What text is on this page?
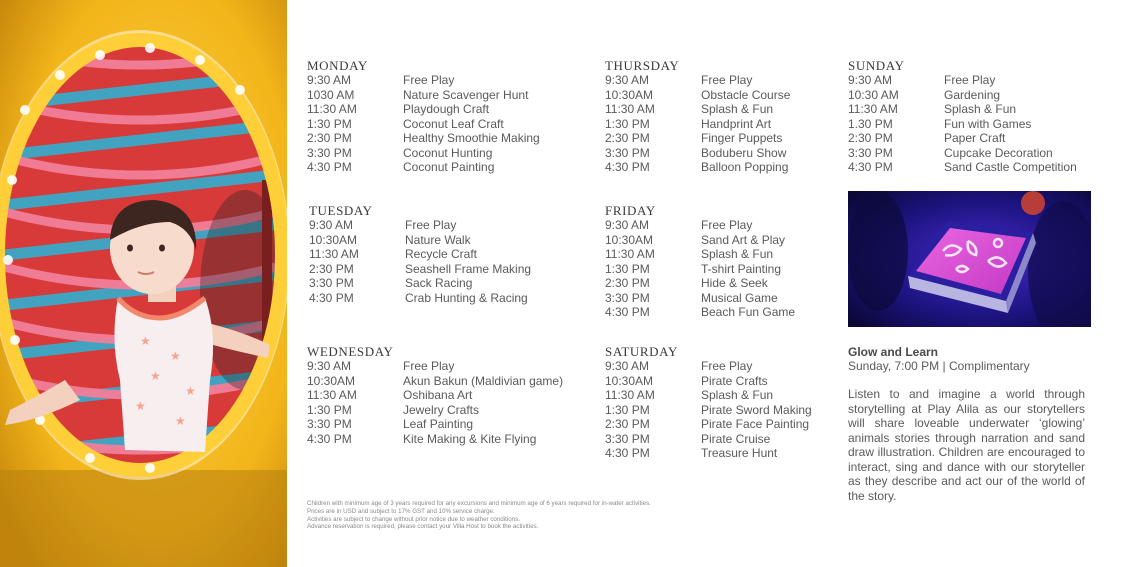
★
★
★
★
★
★
MONDAY
9:30 AM	Free Play
1030 AM	Nature Scavenger Hunt
11:30 AM	Playdough Craft
1:30 PM	Coconut Leaf Craft
2:30 PM	Healthy Smoothie Making
3:30 PM	Coconut Hunting
4:30 PM	Coconut Painting
TUESDAY
9:30 AM	Free Play
10:30AM	Nature Walk
11:30 AM	Recycle Craft
2:30 PM	Seashell Frame Making
3:30 PM	Sack Racing
4:30 PM	Crab Hunting & Racing
WEDNESDAY
9:30 AM	Free Play
10:30AM	Akun Bakun (Maldivian game)
11:30 AM	Oshibana Art
1:30 PM	Jewelry Crafts
3:30 PM	Leaf Painting
4:30 PM	Kite Making & Kite Flying
THURSDAY
9:30 AM	Free Play
10:30AM	Obstacle Course
11:30 AM	Splash & Fun
1:30 PM	Handprint Art
2:30 PM	Finger Puppets
3:30 PM	Boduberu Show
4:30 PM	Balloon Popping
FRIDAY
9:30 AM	Free Play
10:30AM	Sand Art & Play
11:30 AM	Splash & Fun
1:30 PM	T-shirt Painting
2:30 PM	Hide & Seek
3:30 PM	Musical Game
4:30 PM	Beach Fun Game
SATURDAY
9:30 AM	Free Play
10:30AM	Pirate Crafts
11:30 AM	Splash & Fun
1:30 PM	Pirate Sword Making
2:30 PM	Pirate Face Painting
3:30 PM	Pirate Cruise
4:30 PM	Treasure Hunt
SUNDAY
9:30 AM	Free Play
10:30 AM	Gardening
11:30 AM	Splash & Fun
1.30 PM	Fun with Games
2:30 PM	Paper Craft
3:30 PM	Cupcake Decoration
4:30 PM	Sand Castle Competition
Glow and Learn
Sunday, 7:00 PM | Complimentary
Listen to and imagine a world through storytelling at Play Alila as our storytellers will share loveable underwater ‘glowing’ animals stories through narration and sand draw illustration. Children are encouraged to interact, sing and dance with our storyteller as they describe and act our of the world of the story.
Children with minimum age of 3 years required for any excursions and minimum age of 6 years required for in-water activities.
Prices are in USD and subject to 17% GST and 10% service charge.
Activities are subject to change without prior notice due to weather conditions.
Advance reservation is required, please contact your Villa Host to book the activities.
